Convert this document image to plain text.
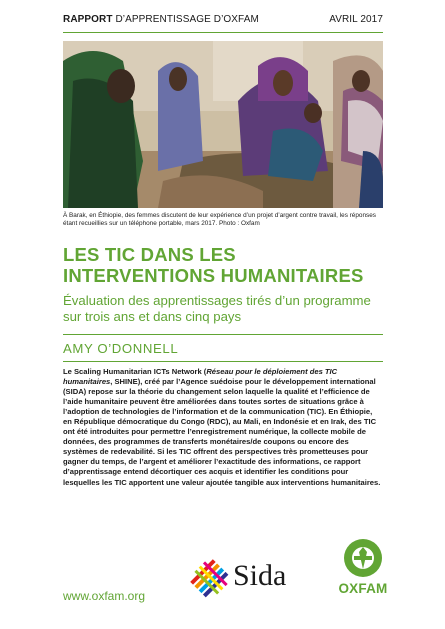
RAPPORT D’APPRENTISSAGE D’OXFAM	AVRIL 2017
À Barak, en Éthiopie, des femmes discutent de leur expérience d’un projet d’argent contre travail, les réponses étant recueillies sur un téléphone portable, mars 2017. Photo : Oxfam
LES TIC DANS LES
INTERVENTIONS HUMANITAIRES
Évaluation des apprentissages tirés d’un programme sur trois ans et dans cinq pays
AMY O’DONNELL
Le Scaling Humanitarian ICTs Network (Réseau pour le déploiement des TIC humanitaires, SHINE), créé par l’Agence suédoise pour le développement international (SIDA) repose sur la théorie du changement selon laquelle la qualité et l’efficience de l’aide humanitaire peuvent être améliorées dans toutes sortes de situations grâce à l’adoption de technologies de l’information et de la communication (TIC). En Éthiopie, en République démocratique du Congo (RDC), au Mali, en Indonésie et en Irak, des TIC ont été introduites pour permettre l’enregistrement numérique, la collecte mobile de données, des programmes de transferts monétaires/de coupons ou encore des systèmes de redevabilité. Si les TIC offrent des perspectives très prometteuses pour gagner du temps, de l’argent et améliorer l’exactitude des informations, ce rapport d’apprentissage entend décortiquer ces acquis et identifier les conditions pour lesquelles les TIC apportent une valeur ajoutée tangible aux interventions humanitaires.
Sida	OXFAM
www.oxfam.org
